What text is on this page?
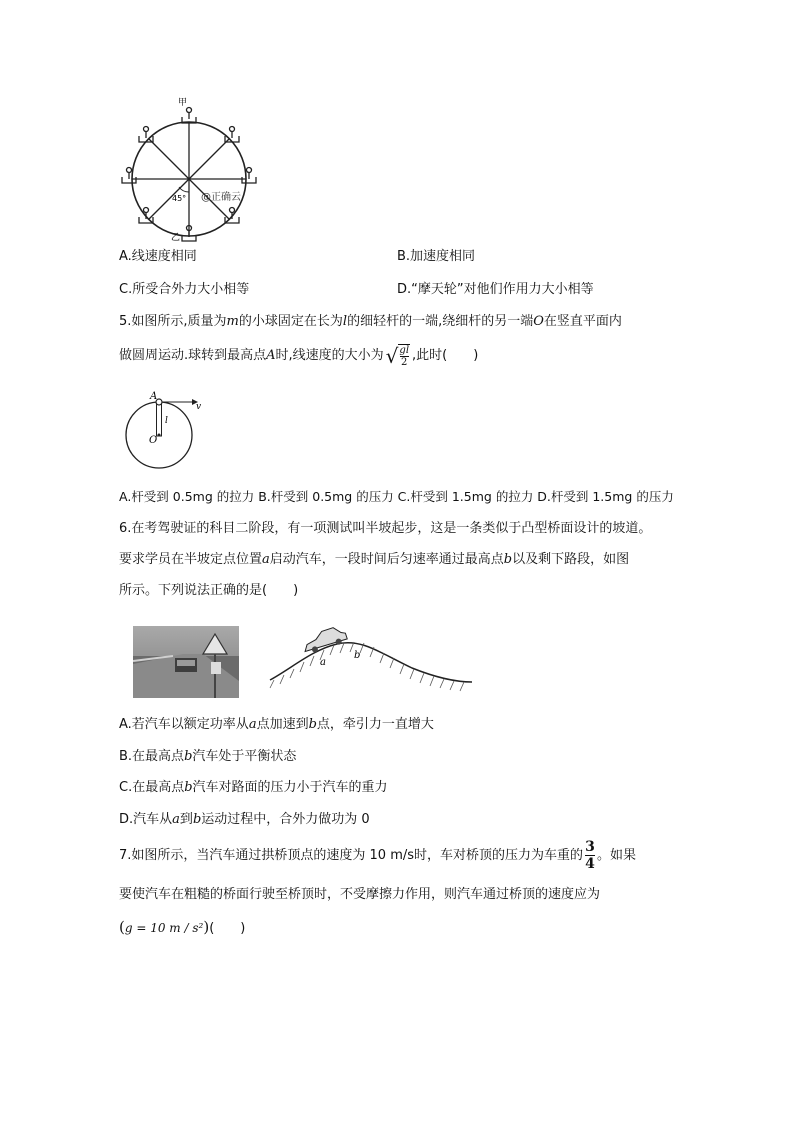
甲
乙
45° @正确云
A.线速度相同	B.加速度相同
C.所受合外力大小相等	D.“摩天轮”对他们作用力大小相等
5.如图所示,质量为m的小球固定在长为l的细轻杆的一端,绕细杆的另一端O在竖直平面内
做圆周运动.球转到最高点A时,线速度的大小为 √ gl
2 ,此时(　　)
A
v
l
O
A.杆受到 0.5mg 的拉力 B.杆受到 0.5mg 的压力 C.杆受到 1.5mg 的拉力 D.杆受到 1.5mg 的压力
6.在考驾驶证的科目二阶段，有一项测试叫半坡起步，这是一条类似于凸型桥面设计的坡道。
要求学员在半坡定点位置a启动汽车，一段时间后匀速率通过最高点b以及剩下路段，如图
所示。下列说法正确的是(　　)
a
b
A.若汽车以额定功率从a点加速到b点，牵引力一直增大
B.在最高点b汽车处于平衡状态
C.在最高点b汽车对路面的压力小于汽车的重力
D.汽车从a到b运动过程中，合外力做功为 0
7.如图所示，当汽车通过拱桥顶点的速度为 10 m/s时，车对桥顶的压力为车重的 $\frac{3}{4}$ 。如果
要使汽车在粗糙的桥面行驶至桥顶时，不受摩擦力作用，则汽车通过桥顶的速度应为
(g = 10 m / s²)(　　)
